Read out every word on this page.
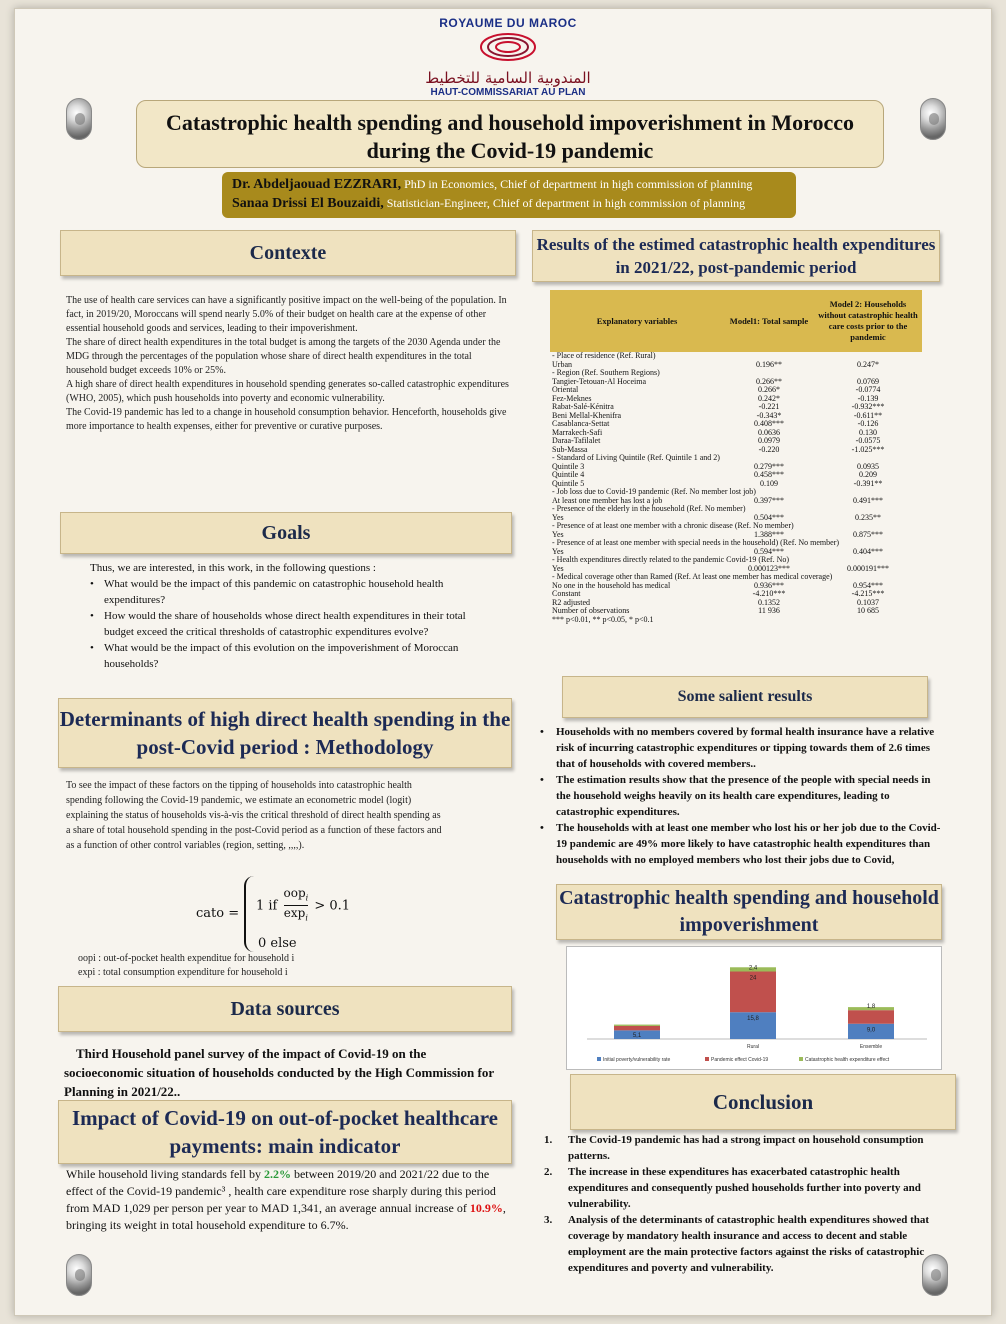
ROYAUME DU MAROC
المندوبية السامية للتخطيط
HAUT-COMMISSARIAT AU PLAN
Catastrophic health spending and household impoverishment in Morocco during the Covid-19 pandemic
Dr. Abdeljaouad EZZRARI, PhD in Economics, Chief of department in high commission of planning
Sanaa Drissi El Bouzaidi, Statistician-Engineer, Chief of department in high commission of planning
Contexte

The use of health care services can have a significantly positive impact on the well-being of the population. In fact, in 2019/20, Moroccans will spend nearly 5.0% of their budget on health care at the expense of other essential household goods and services, leading to their impoverishment.

The share of direct health expenditures in the total budget is among the targets of the 2030 Agenda under the MDG through the percentages of the population whose share of direct health expenditures in the total household budget exceeds 10% or 25%.

A high share of direct health expenditures in household spending generates so-called catastrophic expenditures (WHO, 2005), which push households into poverty and economic vulnerability.

The Covid-19 pandemic has led to a change in household consumption behavior. Henceforth, households give more importance to health expenses, either for preventive or curative purposes.

Goals
Thus, we are interested, in this work, in the following questions :
• What would be the impact of this pandemic on catastrophic household health expenditures?
• How would the share of households whose direct health expenditures in their total budget exceed the critical thresholds of catastrophic expenditures evolve?
• What would be the impact of this evolution on the impoverishment of Moroccan households?
Determinants of high direct health spending in the post-Covid period : Methodology

To see the impact of these factors on the tipping of households into catastrophic health spending following the Covid-19 pandemic, we estimate an econometric model (logit) explaining the status of households vis-à-vis the critical threshold of direct health spending as a share of total household spending in the post-Covid period as a function of these factors and as a function of other control variables (region, setting, ,,,,).

cato =
1 if
oop$_i$
$\exp_i$
> 0.1
0 else

oopi : out-of-pocket health expenditue for household i

expi : total consumption expenditure for household i

Data sources
Third Household panel survey of the impact of Covid-19 on the socioeconomic situation of households conducted by the High Commission for Planning in 2021/22..
Impact of Covid-19 on out-of-pocket healthcare payments: main indicator
While household living standards fell by 2.2% between 2019/20 and 2021/22 due to the effect of the Covid-19 pandemic³ , health care expenditure rose sharply during this period from MAD 1,029 per person per year to MAD 1,341, an average annual increase of 10.9%, bringing its weight in total household expenditure to 6.7%.
Results of the estimed catastrophic health expenditures in 2021/22, post-pandemic period
Explanatory variables	Model1: Total sample	Model 2: Households without catastrophic health care costs prior to the pandemic
- Place of residence (Ref. Rural)		
Urban	0.196**	0.247*
- Region (Ref. Southern Regions)		
Tangier-Tetouan-Al Hoceima	0.266**	0.0769
Oriental	0.266*	-0.0774
Fez-Meknes	0.242*	-0.139
Rabat-Salé-Kénitra	-0.221	-0.932***
Beni Mellal-Khenifra	-0.343*	-0.611**
Casablanca-Settat	0.408***	-0.126
Marrakech-Safi	0.0636	0.130
Daraa-Tafilalet	0.0979	-0.0575
Sub-Massa	-0.220	-1.025***
- Standard of Living Quintile (Ref. Quintile 1 and 2)		
Quintile 3	0.279***	0.0935
Quintile 4	0.458***	0.209
Quintile 5	0.109	-0.391**
- Job loss due to Covid-19 pandemic (Ref. No member lost job)		
At least one member has lost a job	0.397***	0.491***
- Presence of the elderly in the household (Ref. No member)		
Yes	0.504***	0.235**
- Presence of at least one member with a chronic disease (Ref. No member)		
Yes	1.388***	0.875***
- Presence of at least one member with special needs in the household) (Ref. No member)		
Yes	0.594***	0.404***
- Health expenditures directly related to the pandemic Covid-19 (Ref. No)		
Yes	0.000123***	0.000191***
- Medical coverage other than Ramed (Ref. At least one member has medical coverage)		
No one in the household has medical	0.936***	0.954***
Constant	-4.210***	-4.215***
R2 adjusted	0.1352	0.1037
Number of observations	11 936	10 685
*** p<0.01, ** p<0.05, * p<0.1		
Some salient results
• Households with no members covered by formal health insurance have a relative risk of incurring catastrophic expenditures or tipping towards them of 2.6 times that of households with covered members..
• The estimation results show that the presence of the people with special needs in the household weighs heavily on its health care expenditures, leading to catastrophic expenditures.
• The households with at least one member who lost his or her job due to the Covid-19 pandemic are 49% more likely to have catastrophic health expenditures than households with no employed members who lost their jobs due to Covid,
Catastrophic health spending and household impoverishment
5,1
15,8
24
2,4
Rural
9,0
1,8
Ensemble
Initial poverty/vulnerability rate	Pandemic effect Covid-19	Catastrophic health expenditure effect
Conclusion
1. The Covid-19 pandemic has had a strong impact on household consumption patterns.
2. The increase in these expenditures has exacerbated catastrophic health expenditures and consequently pushed households further into poverty and vulnerability.
3. Analysis of the determinants of catastrophic health expenditures showed that coverage by mandatory health insurance and access to decent and stable employment are the main protective factors against the risks of catastrophic expenditures and poverty and vulnerability.
